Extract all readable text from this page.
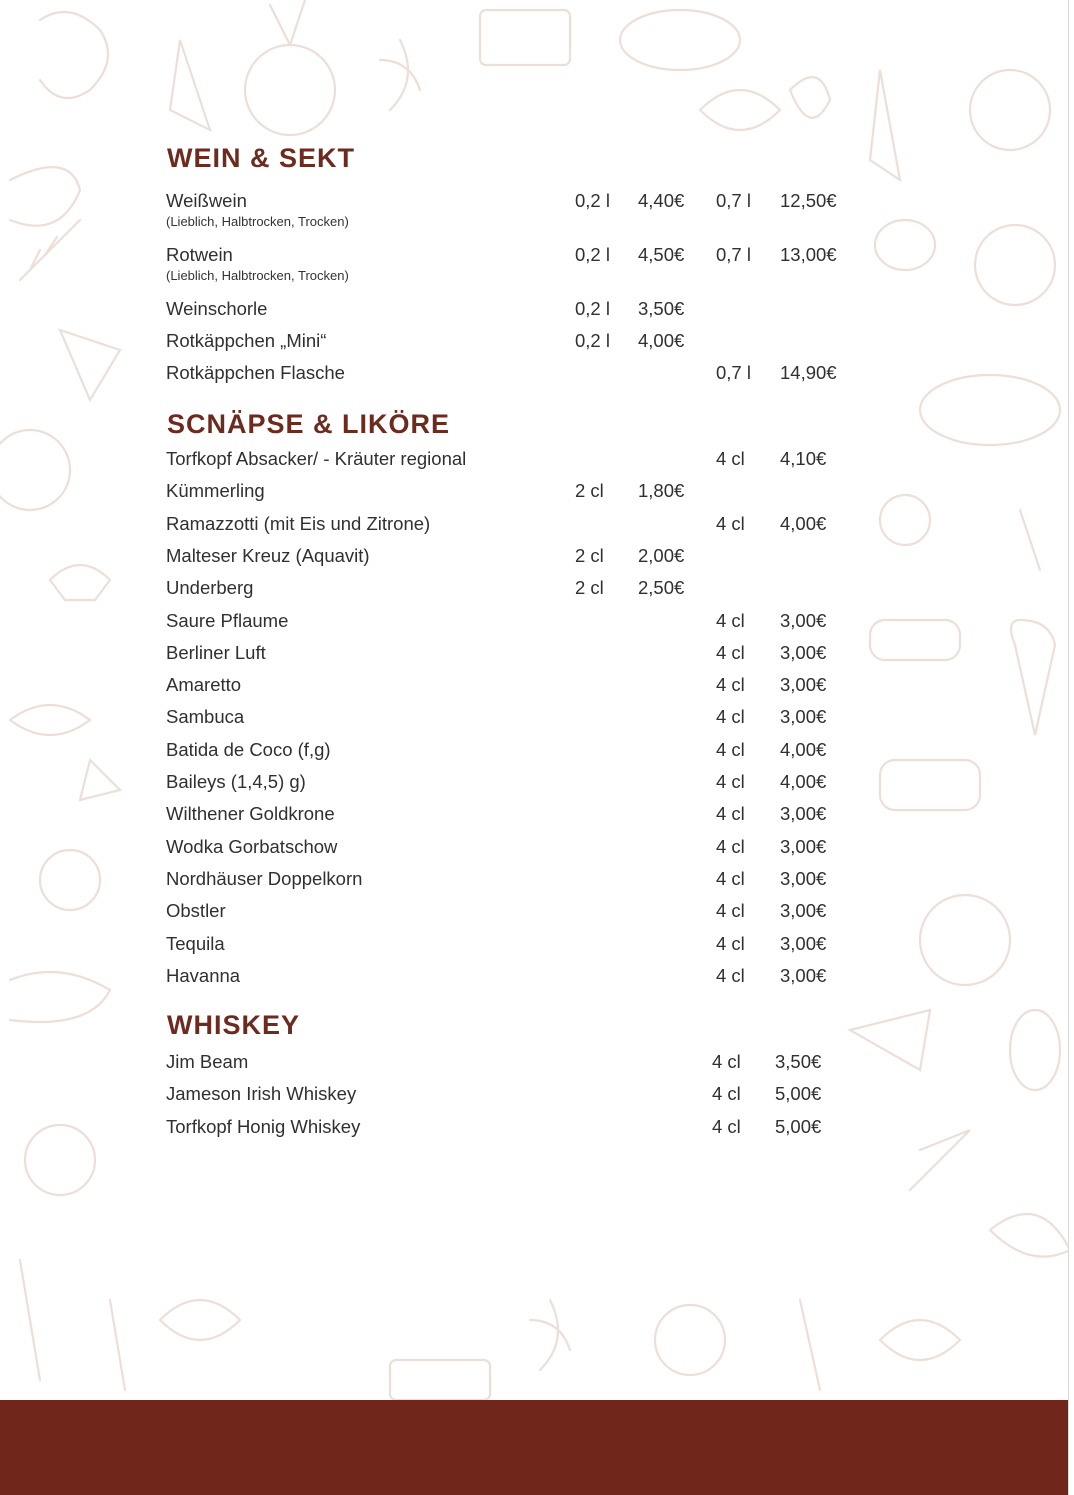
WEIN & SEKT
Weißwein
(Lieblich, Halbtrocken, Trocken)
0,2 l 4,40€ 0,7 l 12,50€
Rotwein
(Lieblich, Halbtrocken, Trocken)
0,2 l 4,50€ 0,7 l 13,00€
Weinschorle	0,2 l 3,50€
Rotkäppchen „Mini“	0,2 l 4,00€
Rotkäppchen Flasche	0,7 l 14,90€
SCNÄPSE & LIKÖRE
Torfkopf Absacker/ - Kräuter regional	4 cl 4,10€
Kümmerling	2 cl 1,80€
Ramazzotti (mit Eis und Zitrone)	4 cl 4,00€
Malteser Kreuz (Aquavit)	2 cl 2,00€
Underberg	2 cl 2,50€
Saure Pflaume	4 cl 3,00€
Berliner Luft	4 cl 3,00€
Amaretto	4 cl 3,00€
Sambuca	4 cl 3,00€
Batida de Coco (f,g)	4 cl 4,00€
Baileys (1,4,5) g)	4 cl 4,00€
Wilthener Goldkrone	4 cl 3,00€
Wodka Gorbatschow	4 cl 3,00€
Nordhäuser Doppelkorn	4 cl 3,00€
Obstler	4 cl 3,00€
Tequila	4 cl 3,00€
Havanna	4 cl 3,00€
WHISKEY
Jim Beam	4 cl 3,50€
Jameson Irish Whiskey	4 cl 5,00€
Torfkopf Honig Whiskey	4 cl 5,00€
